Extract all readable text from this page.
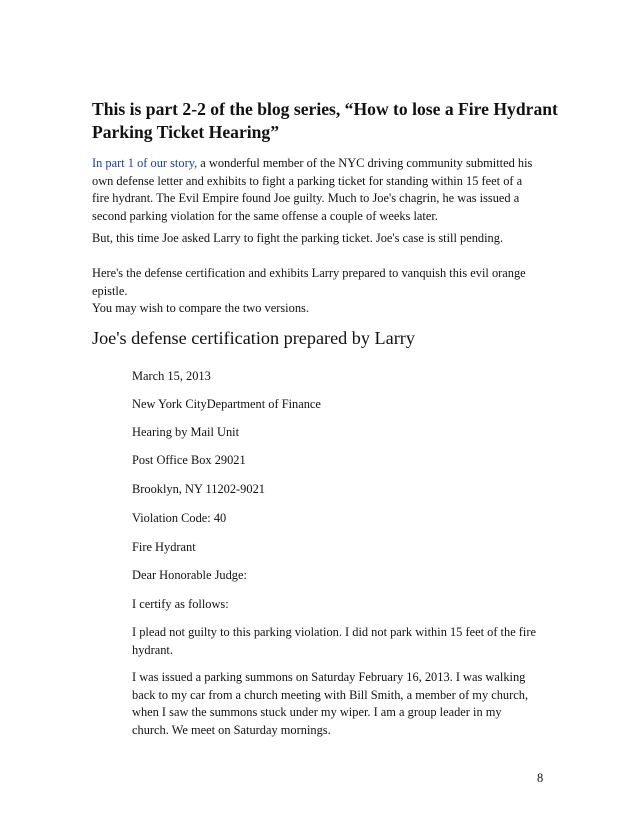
This is part 2-2 of the blog series, “How to lose a Fire Hydrant
Parking Ticket Hearing”

In part 1 of our story, a wonderful member of the NYC driving community submitted his
own defense letter and exhibits to fight a parking ticket for standing within 15 feet of a
fire hydrant. The Evil Empire found Joe guilty. Much to Joe's chagrin, he was issued a
second parking violation for the same offense a couple of weeks later.

But, this time Joe asked Larry to fight the parking ticket. Joe's case is still pending.

Here's the defense certification and exhibits Larry prepared to vanquish this evil orange
epistle.

You may wish to compare the two versions.

Joe's defense certification prepared by Larry

March 15, 2013

New York CityDepartment of Finance

Hearing by Mail Unit

Post Office Box 29021

Brooklyn, NY 11202-9021

Violation Code: 40

Fire Hydrant

Dear Honorable Judge:

I certify as follows:

I plead not guilty to this parking violation. I did not park within 15 feet of the fire
hydrant.

I was issued a parking summons on Saturday February 16, 2013. I was walking
back to my car from a church meeting with Bill Smith, a member of my church,
when I saw the summons stuck under my wiper. I am a group leader in my
church. We meet on Saturday mornings.

8
